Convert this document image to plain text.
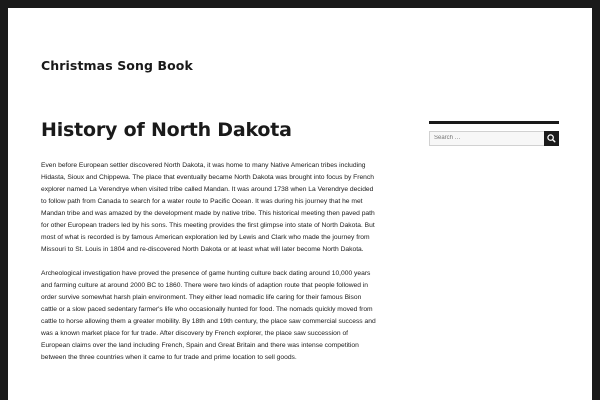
Christmas Song Book

History of North Dakota

Even before European settler discovered North Dakota, it was home to many Native American tribes including Hidasta, Sioux and Chippewa. The place that eventually became North Dakota was brought into focus by French explorer named La Verendrye when visited tribe called Mandan. It was around 1738 when La Verendrye decided to follow path from Canada to search for a water route to Pacific Ocean. It was during his journey that he met Mandan tribe and was amazed by the development made by native tribe. This historical meeting then paved path for other European traders led by his sons. This meeting provides the first glimpse into state of North Dakota. But most of what is recorded is by famous American exploration led by Lewis and Clark who made the journey from Missouri to St. Louis in 1804 and re-discovered North Dakota or at least what will later become North Dakota.

Archeological investigation have proved the presence of game hunting culture back dating around 10,000 years and farming culture at around 2000 BC to 1860. There were two kinds of adaption route that people followed in order survive somewhat harsh plain environment. They either lead nomadic life caring for their famous Bison cattle or a slow paced sedentary farmer's life who occasionally hunted for food. The nomads quickly moved from cattle to horse allowing them a greater mobility. By 18th and 19th century, the place saw commercial success and was a known market place for fur trade. After discovery by French explorer, the place saw succession of European claims over the land including French, Spain and Great Britain and there was intense competition between the three countries when it came to fur trade and prime location to sell goods.

Search …
